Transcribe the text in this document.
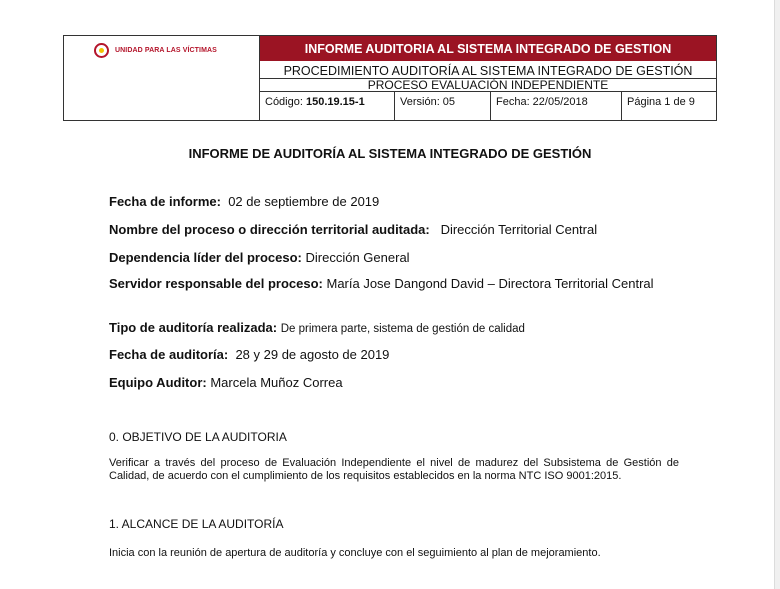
UNIDAD PARA LAS VÍCTIMAS	INFORME AUDITORIA AL SISTEMA INTEGRADO DE GESTION
PROCEDIMIENTO AUDITORÍA AL SISTEMA INTEGRADO DE GESTIÓN
PROCESO EVALUACIÓN INDEPENDIENTE
Código: 150.19.15-1	Versión: 05	Fecha: 22/05/2018	Página 1 de 9
INFORME DE AUDITORÍA AL SISTEMA INTEGRADO DE GESTIÓN
Fecha de informe: 02 de septiembre de 2019
Nombre del proceso o dirección territorial auditada: Dirección Territorial Central
Dependencia líder del proceso: Dirección General
Servidor responsable del proceso: María Jose Dangond David – Directora Territorial Central
Tipo de auditoría realizada: De primera parte, sistema de gestión de calidad
Fecha de auditoría: 28 y 29 de agosto de 2019
Equipo Auditor: Marcela Muñoz Correa
0. OBJETIVO DE LA AUDITORIA
Verificar a través del proceso de Evaluación Independiente el nivel de madurez del Subsistema de Gestión de Calidad, de acuerdo con el cumplimiento de los requisitos establecidos en la norma NTC ISO 9001:2015.
1. ALCANCE DE LA AUDITORÍA
Inicia con la reunión de apertura de auditoría y concluye con el seguimiento al plan de mejoramiento.
